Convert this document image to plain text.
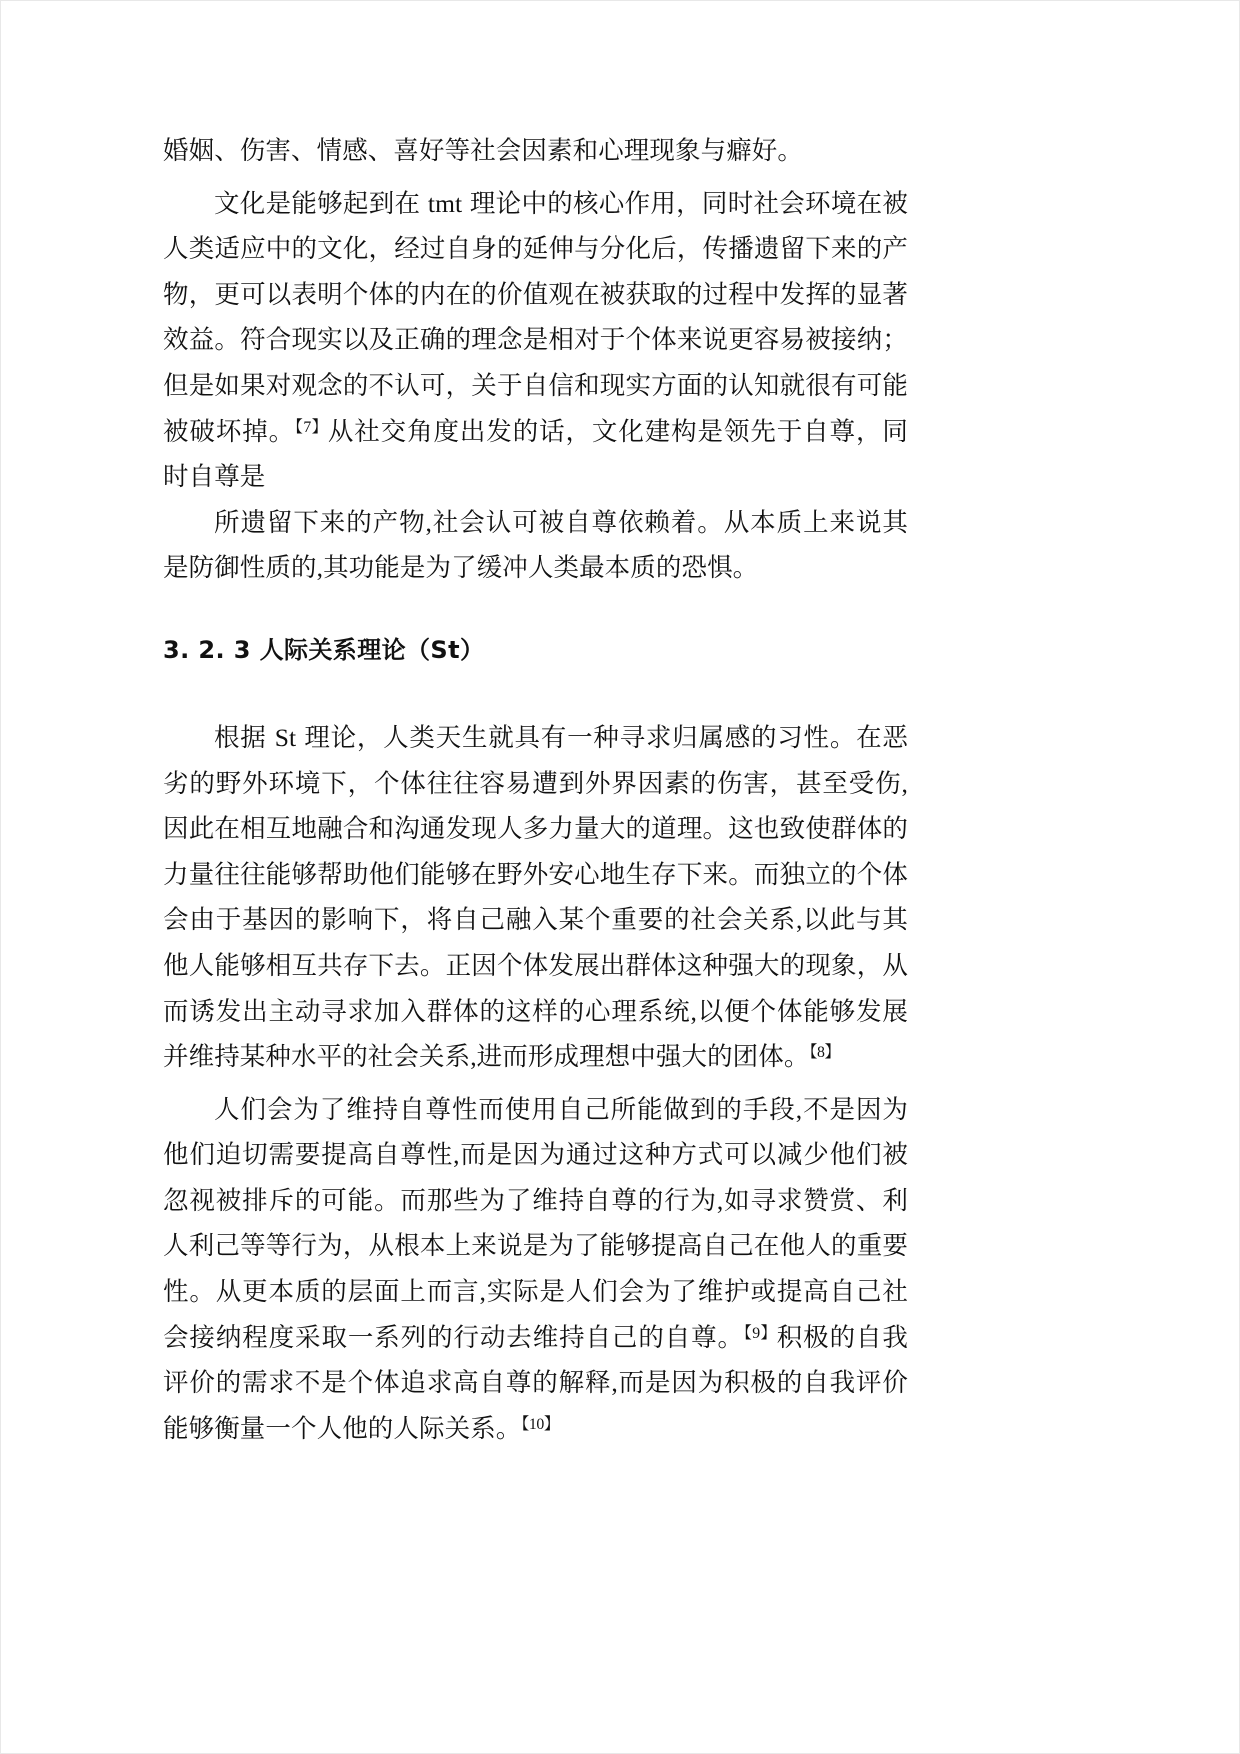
婚姻、伤害、情感、喜好等社会因素和心理现象与癖好。

文化是能够起到在 tmt 理论中的核心作用，同时社会环境在被人类适应中的文化，经过自身的延伸与分化后，传播遗留下来的产物，更可以表明个体的内在的价值观在被获取的过程中发挥的显著效益。符合现实以及正确的理念是相对于个体来说更容易被接纳；但是如果对观念的不认可，关于自信和现实方面的认知就很有可能被破坏掉。$^{【7】}$从社交角度出发的话，文化建构是领先于自尊，同时自尊是

所遗留下来的产物,社会认可被自尊依赖着。从本质上来说其是防御性质的,其功能是为了缓冲人类最本质的恐惧。

3. 2. 3 人际关系理论（St）

根据 St 理论，人类天生就具有一种寻求归属感的习性。在恶劣的野外环境下，个体往往容易遭到外界因素的伤害，甚至受伤,因此在相互地融合和沟通发现人多力量大的道理。这也致使群体的力量往往能够帮助他们能够在野外安心地生存下来。而独立的个体会由于基因的影响下，将自己融入某个重要的社会关系,以此与其他人能够相互共存下去。正因个体发展出群体这种强大的现象，从而诱发出主动寻求加入群体的这样的心理系统,以便个体能够发展并维持某种水平的社会关系,进而形成理想中强大的团体。$^{【8】}$

人们会为了维持自尊性而使用自己所能做到的手段,不是因为他们迫切需要提高自尊性,而是因为通过这种方式可以减少他们被忽视被排斥的可能。而那些为了维持自尊的行为,如寻求赞赏、利人利己等等行为，从根本上来说是为了能够提高自己在他人的重要性。从更本质的层面上而言,实际是人们会为了维护或提高自己社会接纳程度采取一系列的行动去维持自己的自尊。$^{【9】}$积极的自我评价的需求不是个体追求高自尊的解释,而是因为积极的自我评价能够衡量一个人他的人际关系。$^{【10】}$
